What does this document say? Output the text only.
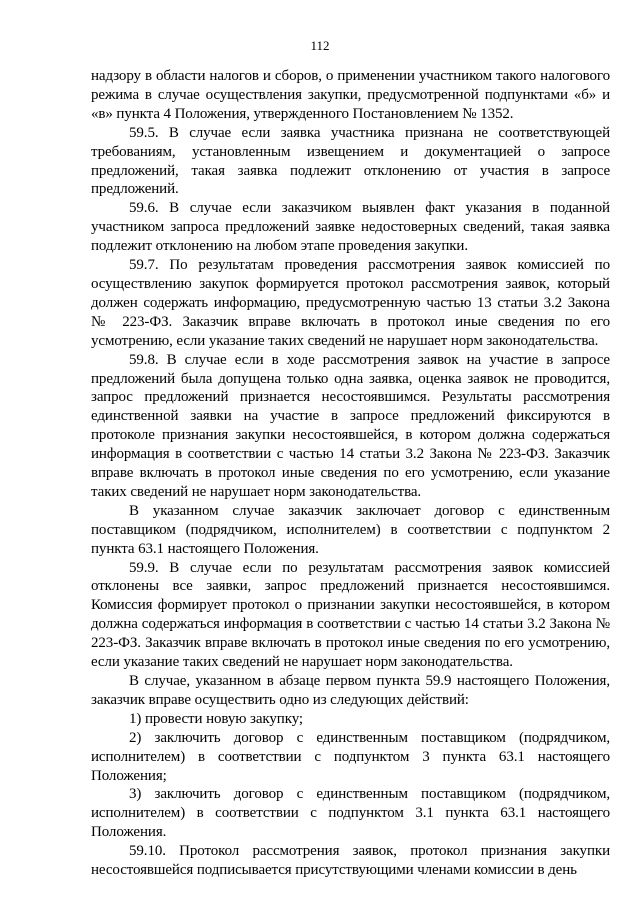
112

надзору в области налогов и сборов, о применении участником такого налогового режима в случае осуществления закупки, предусмотренной подпунктами «б» и «в» пункта 4 Положения, утвержденного Постановлением № 1352.

59.5. В случае если заявка участника признана не соответствующей требованиям, установленным извещением и документацией о запросе предложений, такая заявка подлежит отклонению от участия в запросе предложений.

59.6. В случае если заказчиком выявлен факт указания в поданной участником запроса предложений заявке недостоверных сведений, такая заявка подлежит отклонению на любом этапе проведения закупки.

59.7. По результатам проведения рассмотрения заявок комиссией по осуществлению закупок формируется протокол рассмотрения заявок, который должен содержать информацию, предусмотренную частью 13 статьи 3.2 Закона № 223-ФЗ. Заказчик вправе включать в протокол иные сведения по его усмотрению, если указание таких сведений не нарушает норм законодательства.

59.8. В случае если в ходе рассмотрения заявок на участие в запросе предложений была допущена только одна заявка, оценка заявок не проводится, запрос предложений признается несостоявшимся. Результаты рассмотрения единственной заявки на участие в запросе предложений фиксируются в протоколе признания закупки несостоявшейся, в котором должна содержаться информация в соответствии с частью 14 статьи 3.2 Закона № 223-ФЗ. Заказчик вправе включать в протокол иные сведения по его усмотрению, если указание таких сведений не нарушает норм законодательства.

В указанном случае заказчик заключает договор с единственным поставщиком (подрядчиком, исполнителем) в соответствии с подпунктом 2 пункта 63.1 настоящего Положения.

59.9. В случае если по результатам рассмотрения заявок комиссией отклонены все заявки, запрос предложений признается несостоявшимся. Комиссия формирует протокол о признании закупки несостоявшейся, в котором должна содержаться информация в соответствии с частью 14 статьи 3.2 Закона № 223-ФЗ. Заказчик вправе включать в протокол иные сведения по его усмотрению, если указание таких сведений не нарушает норм законодательства.

В случае, указанном в абзаце первом пункта 59.9 настоящего Положения, заказчик вправе осуществить одно из следующих действий:

1) провести новую закупку;

2) заключить договор с единственным поставщиком (подрядчиком, исполнителем) в соответствии с подпунктом 3 пункта 63.1 настоящего Положения;

3) заключить договор с единственным поставщиком (подрядчиком, исполнителем) в соответствии с подпунктом 3.1 пункта 63.1 настоящего Положения.

59.10. Протокол рассмотрения заявок, протокол признания закупки несостоявшейся подписывается присутствующими членами комиссии в день
